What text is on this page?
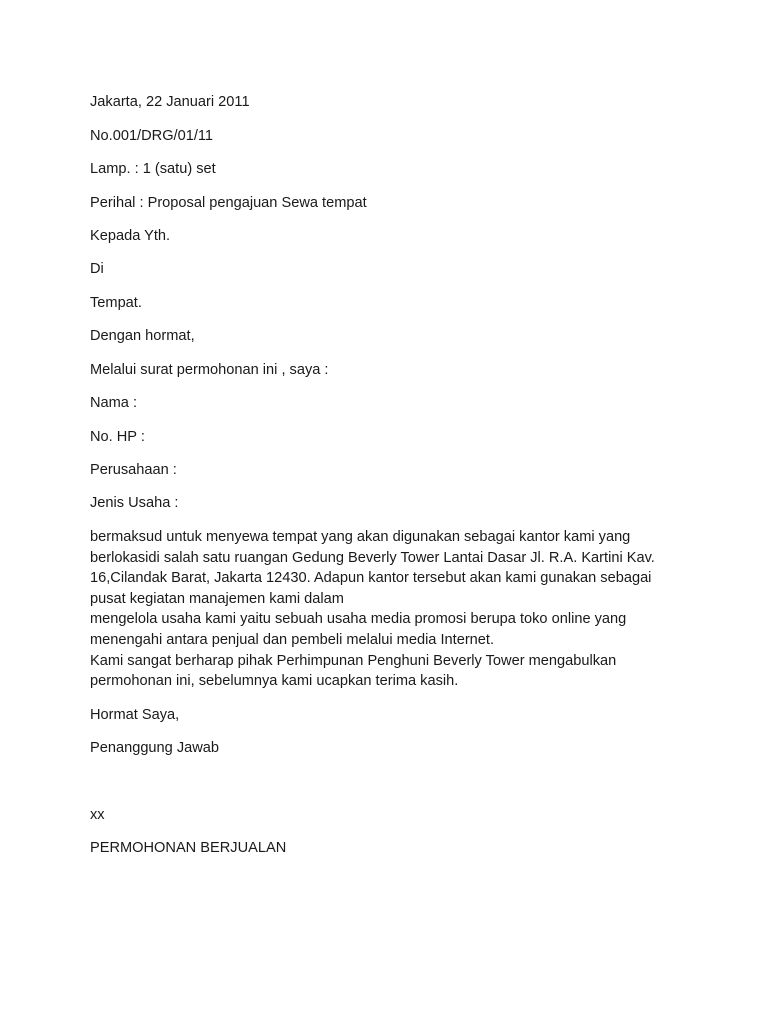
Jakarta, 22 Januari 2011
No.001/DRG/01/11
Lamp. : 1 (satu) set
Perihal : Proposal pengajuan Sewa tempat
Kepada Yth.
Di
Tempat.
Dengan hormat,
Melalui surat permohonan ini , saya :
Nama :
No. HP :
Perusahaan :
Jenis Usaha :
bermaksud untuk menyewa tempat yang akan digunakan sebagai kantor kami yang
berlokasidi salah satu ruangan Gedung Beverly Tower Lantai Dasar Jl. R.A. Kartini Kav.
16,Cilandak Barat, Jakarta 12430. Adapun kantor tersebut akan kami gunakan sebagai
pusat kegiatan manajemen kami dalam
mengelola usaha kami yaitu sebuah usaha media promosi berupa toko online yang
menengahi antara penjual dan pembeli melalui media Internet.
Kami sangat berharap pihak Perhimpunan Penghuni Beverly Tower mengabulkan
permohonan ini, sebelumnya kami ucapkan terima kasih.
Hormat Saya,
Penanggung Jawab
xx
PERMOHONAN BERJUALAN
